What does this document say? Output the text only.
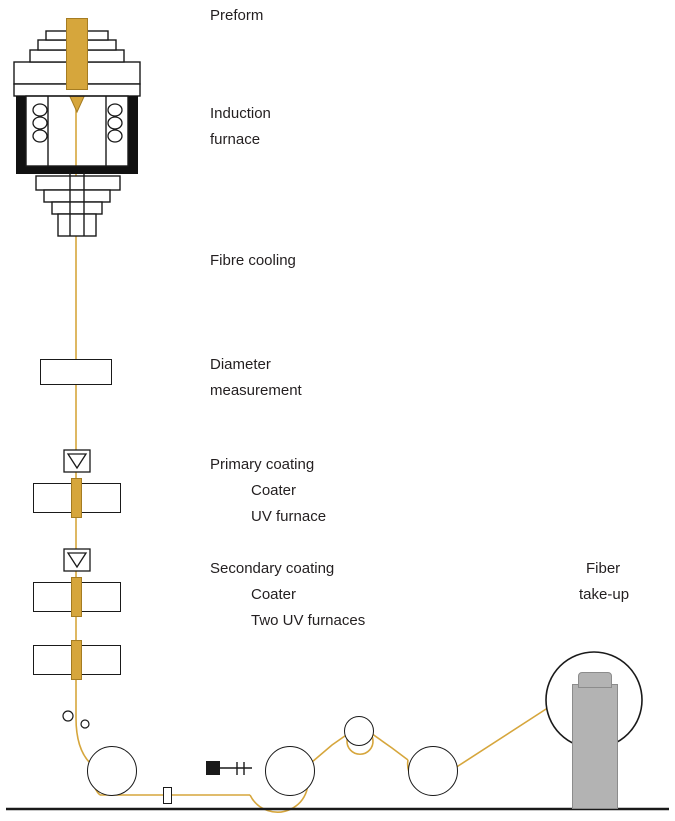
Preform
Induction
furnace
Fibre cooling
Diameter
measurement
Primary coating
Coater
UV furnace
Secondary coating
Coater
Two UV furnaces
Fiber
take-up
